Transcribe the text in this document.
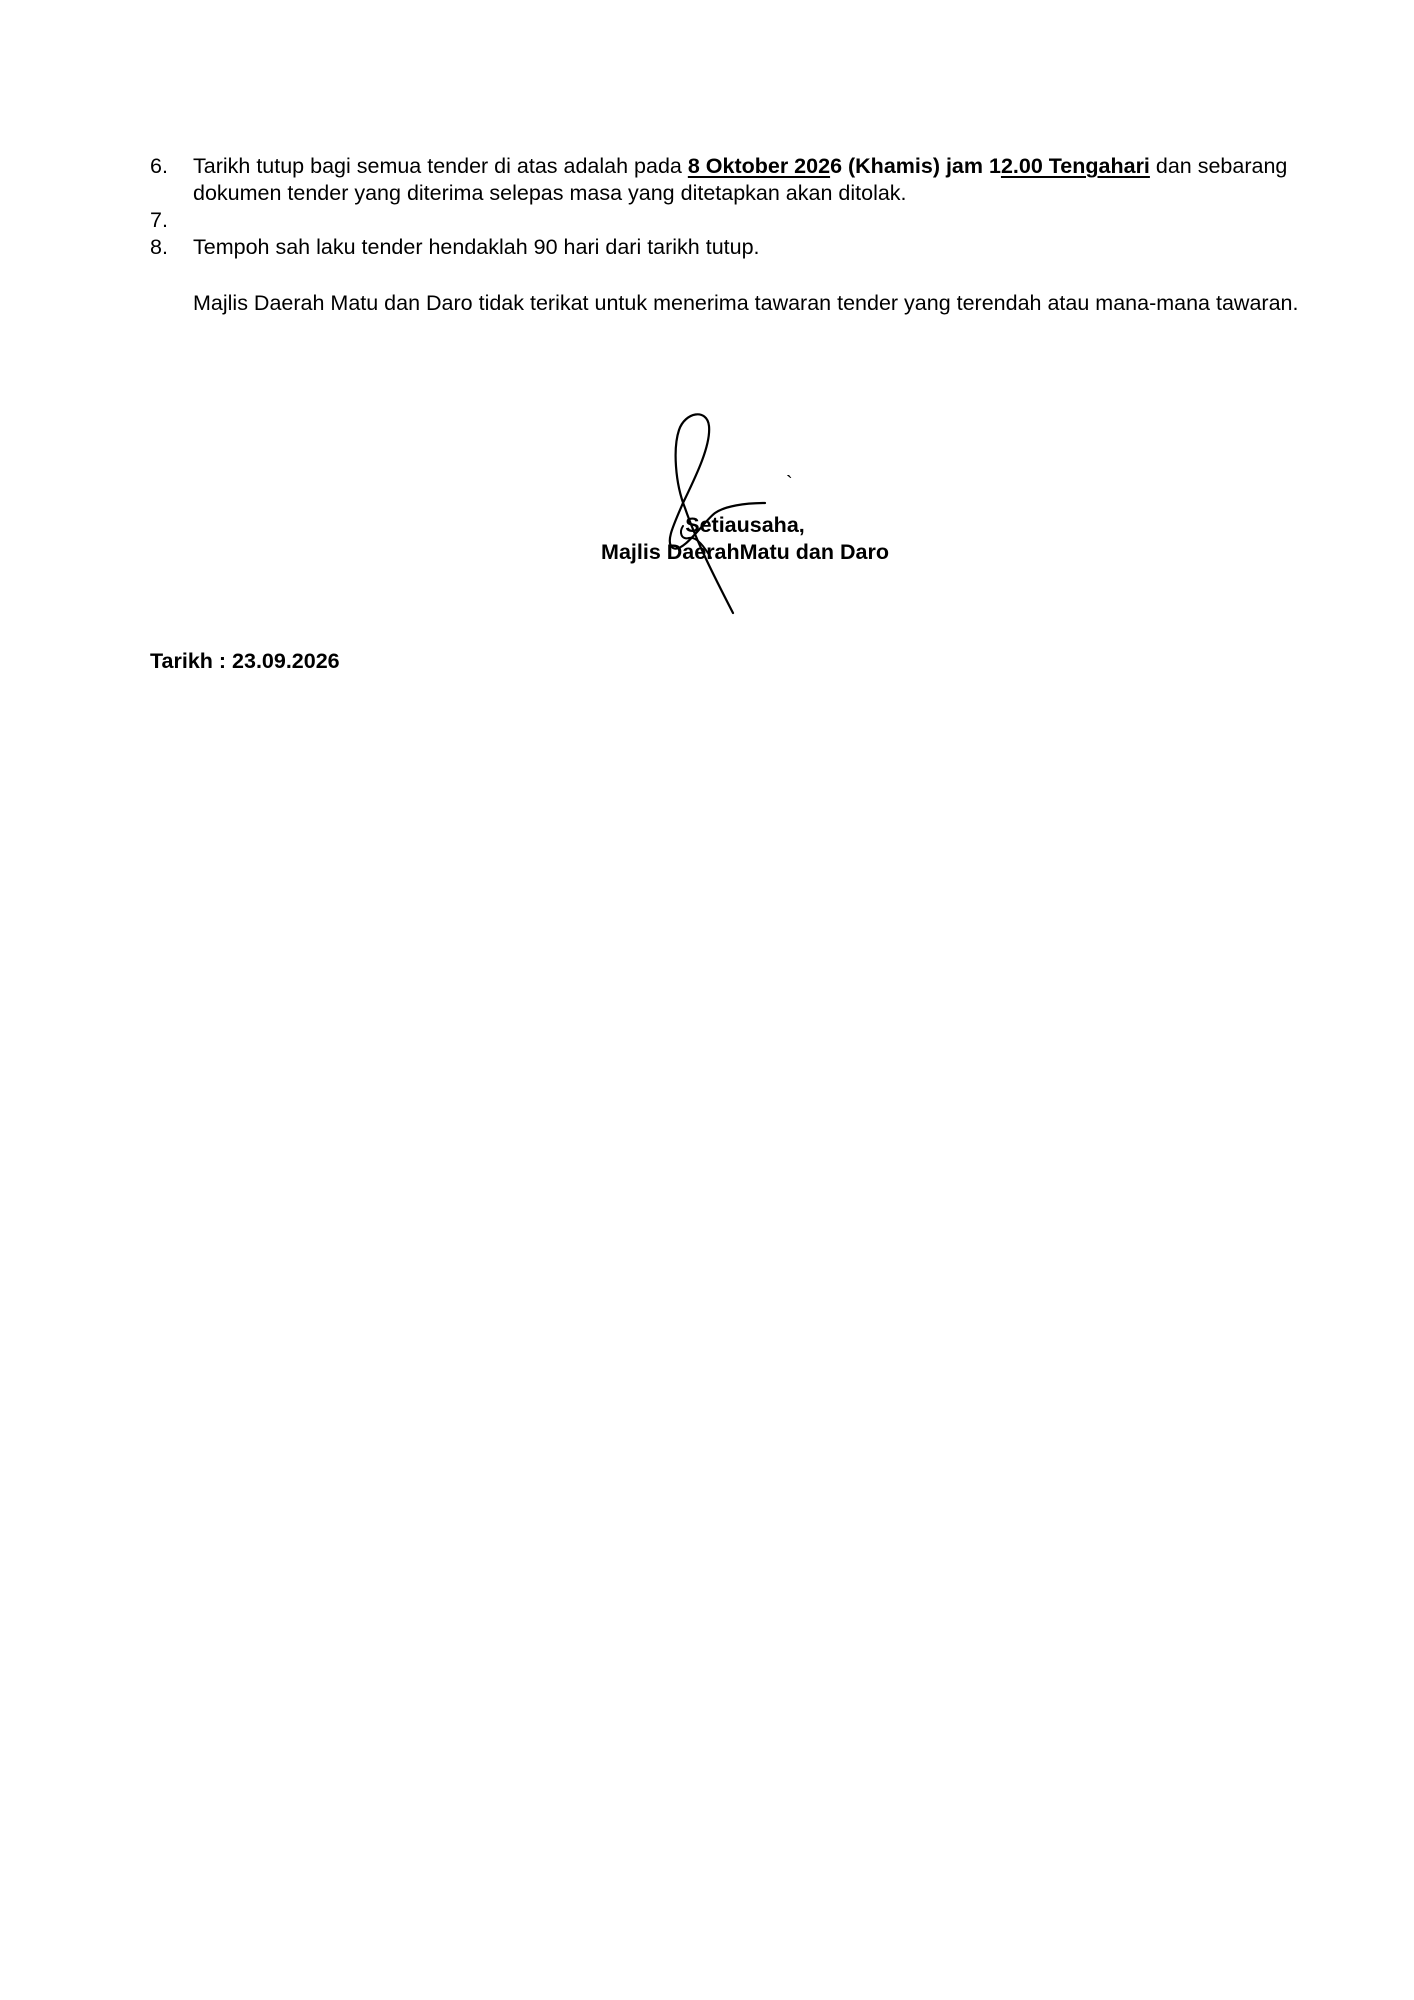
6.	Tarikh tutup bagi semua tender di atas adalah pada 8 Oktober 2026 (Khamis) jam 12.00 Tengahari dan sebarang dokumen tender yang diterima selepas masa yang ditetapkan akan ditolak.
7.
8.	Tempoh sah laku tender hendaklah 90 hari dari tarikh tutup.
Majlis Daerah Matu dan Daro tidak terikat untuk menerima tawaran tender yang terendah atau mana-mana tawaran.
`
Setiausaha,
Majlis DaerahMatu dan Daro
Tarikh : 23.09.2026
